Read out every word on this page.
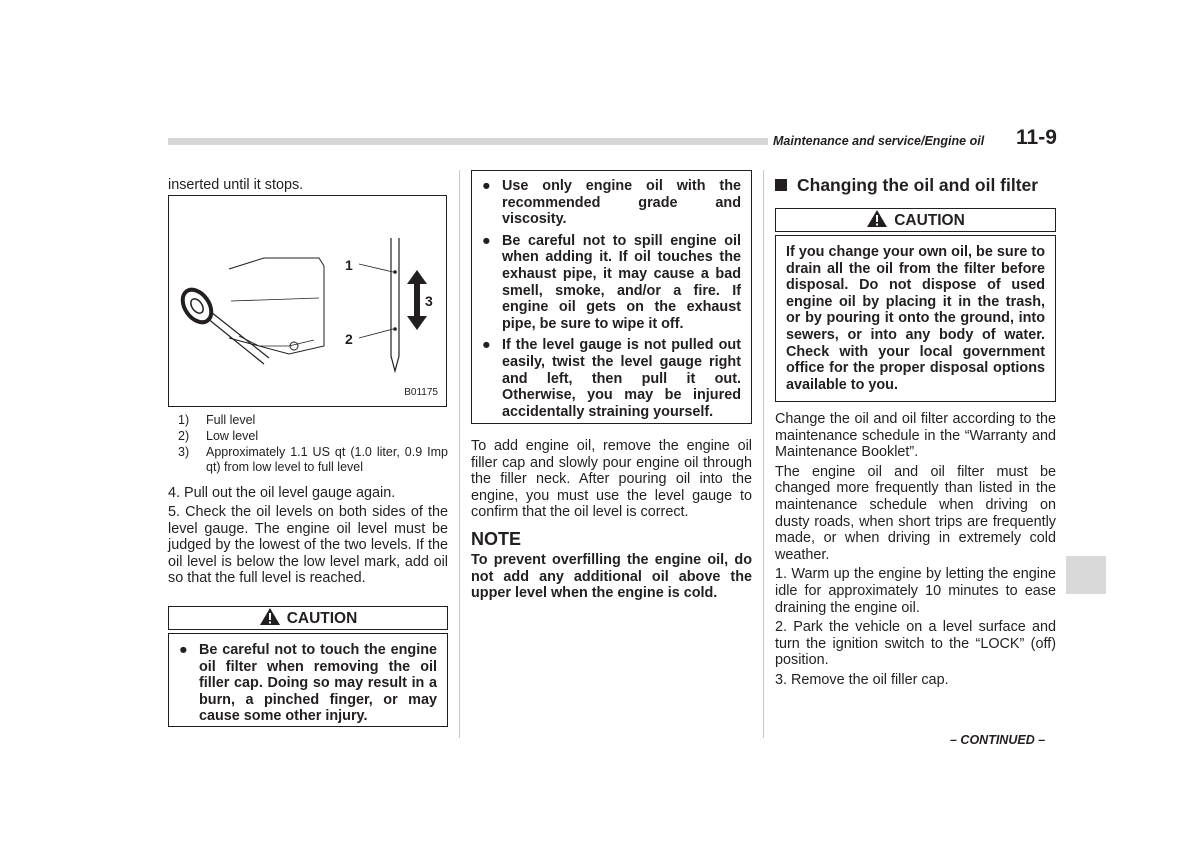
Maintenance and service/Engine oil 11-9

inserted until it stops.

1
2
3
B01175
1) Full level
2) Low level
3) Approximately 1.1 US qt (1.0 liter, 0.9 Imp qt) from low level to full level

4. Pull out the oil level gauge again.

5. Check the oil levels on both sides of the level gauge. The engine oil level must be judged by the lowest of the two levels. If the oil level is below the low level mark, add oil so that the full level is reached.

CAUTION
● Be careful not to touch the engine oil filter when removing the oil filler cap. Doing so may result in a burn, a pinched finger, or may cause some other injury.
● Use only engine oil with the recommended grade and viscosity.
● Be careful not to spill engine oil when adding it. If oil touches the exhaust pipe, it may cause a bad smell, smoke, and/or a fire. If engine oil gets on the exhaust pipe, be sure to wipe it off.
● If the level gauge is not pulled out easily, twist the level gauge right and left, then pull it out. Otherwise, you may be injured accidentally straining yourself.

To add engine oil, remove the engine oil filler cap and slowly pour engine oil through the filler neck. After pouring oil into the engine, you must use the level gauge to confirm that the oil level is correct.

NOTE

To prevent overfilling the engine oil, do not add any additional oil above the upper level when the engine is cold.

Changing the oil and oil filter
CAUTION

If you change your own oil, be sure to drain all the oil from the filter before disposal. Do not dispose of used engine oil by placing it in the trash, or by pouring it onto the ground, into sewers, or into any body of water. Check with your local government office for the proper disposal options available to you.

Change the oil and oil filter according to the maintenance schedule in the “Warranty and Maintenance Booklet”.

The engine oil and oil filter must be changed more frequently than listed in the maintenance schedule when driving on dusty roads, when short trips are frequently made, or when driving in extremely cold weather.

1. Warm up the engine by letting the engine idle for approximately 10 minutes to ease draining the engine oil.

2. Park the vehicle on a level surface and turn the ignition switch to the “LOCK” (off) position.

3. Remove the oil filler cap.

– CONTINUED –
